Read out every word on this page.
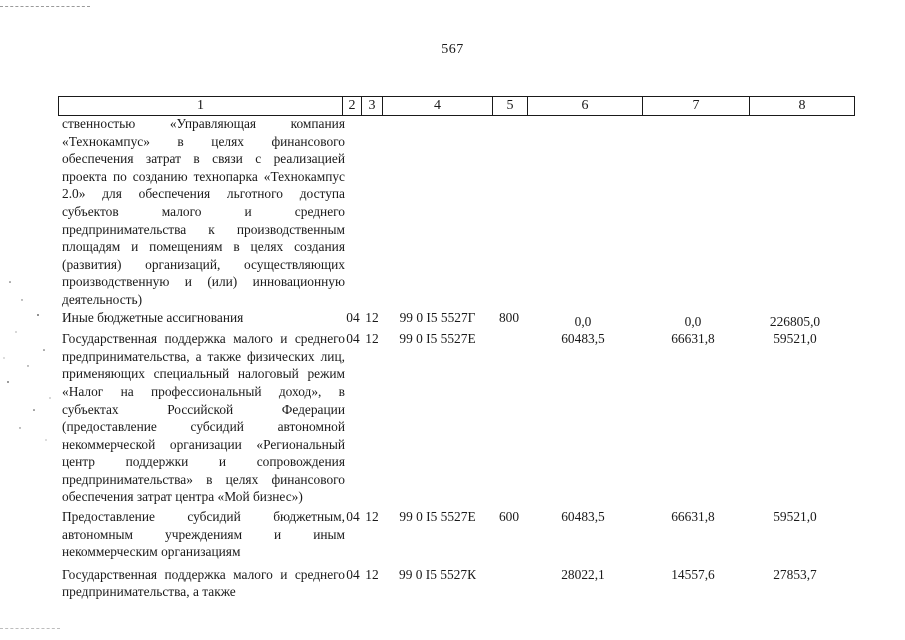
567
1	2	3	4	5	6	7	8
ственностью «Управляющая компания «Технокампус» в целях финансового обеспечения затрат в связи с реализацией проекта по созданию технопарка «Технокампус 2.0» для обеспечения льготного доступа субъектов малого и среднего предпринимательства к производственным площадям и помещениям в целях создания (развития) организаций, осуществляющих производственную и (или) инновационную деятельность)							
Иные бюджетные ассигнования	04	12	99 0 I5 5527Г	800	0,0	0,0	226805,0
Государственная поддержка малого и среднего предпринимательства, а также физических лиц, применяющих специальный налоговый режим «Налог на профессиональный доход», в субъектах Российской Федерации (предоставление субсидий автономной некоммерческой организации «Региональный центр поддержки и сопровождения предпринимательства» в целях финансового обеспечения затрат центра «Мой бизнес»)	04	12	99 0 I5 5527Е		60483,5	66631,8	59521,0
Предоставление субсидий бюджетным, автономным учреждениям и иным некоммерческим организациям	04	12	99 0 I5 5527Е	600	60483,5	66631,8	59521,0
Государственная поддержка малого и среднего предпринимательства, а также	04	12	99 0 I5 5527К		28022,1	14557,6	27853,7
